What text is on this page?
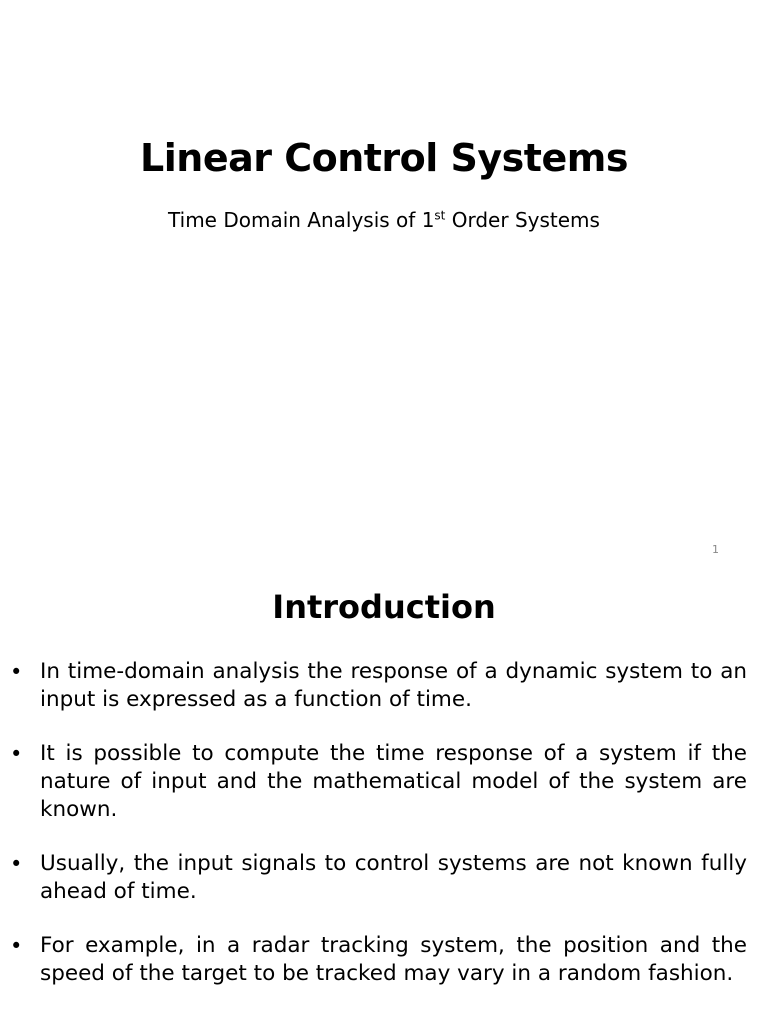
Linear Control Systems

Time Domain Analysis of 1st Order Systems

1
Introduction
• In time-domain analysis the response of a dynamic system to an input is expressed as a function of time.
• It is possible to compute the time response of a system if the nature of input and the mathematical model of the system are known.
• Usually, the input signals to control systems are not known fully ahead of time.
• For example, in a radar tracking system, the position and the speed of the target to be tracked may vary in a random fashion.
